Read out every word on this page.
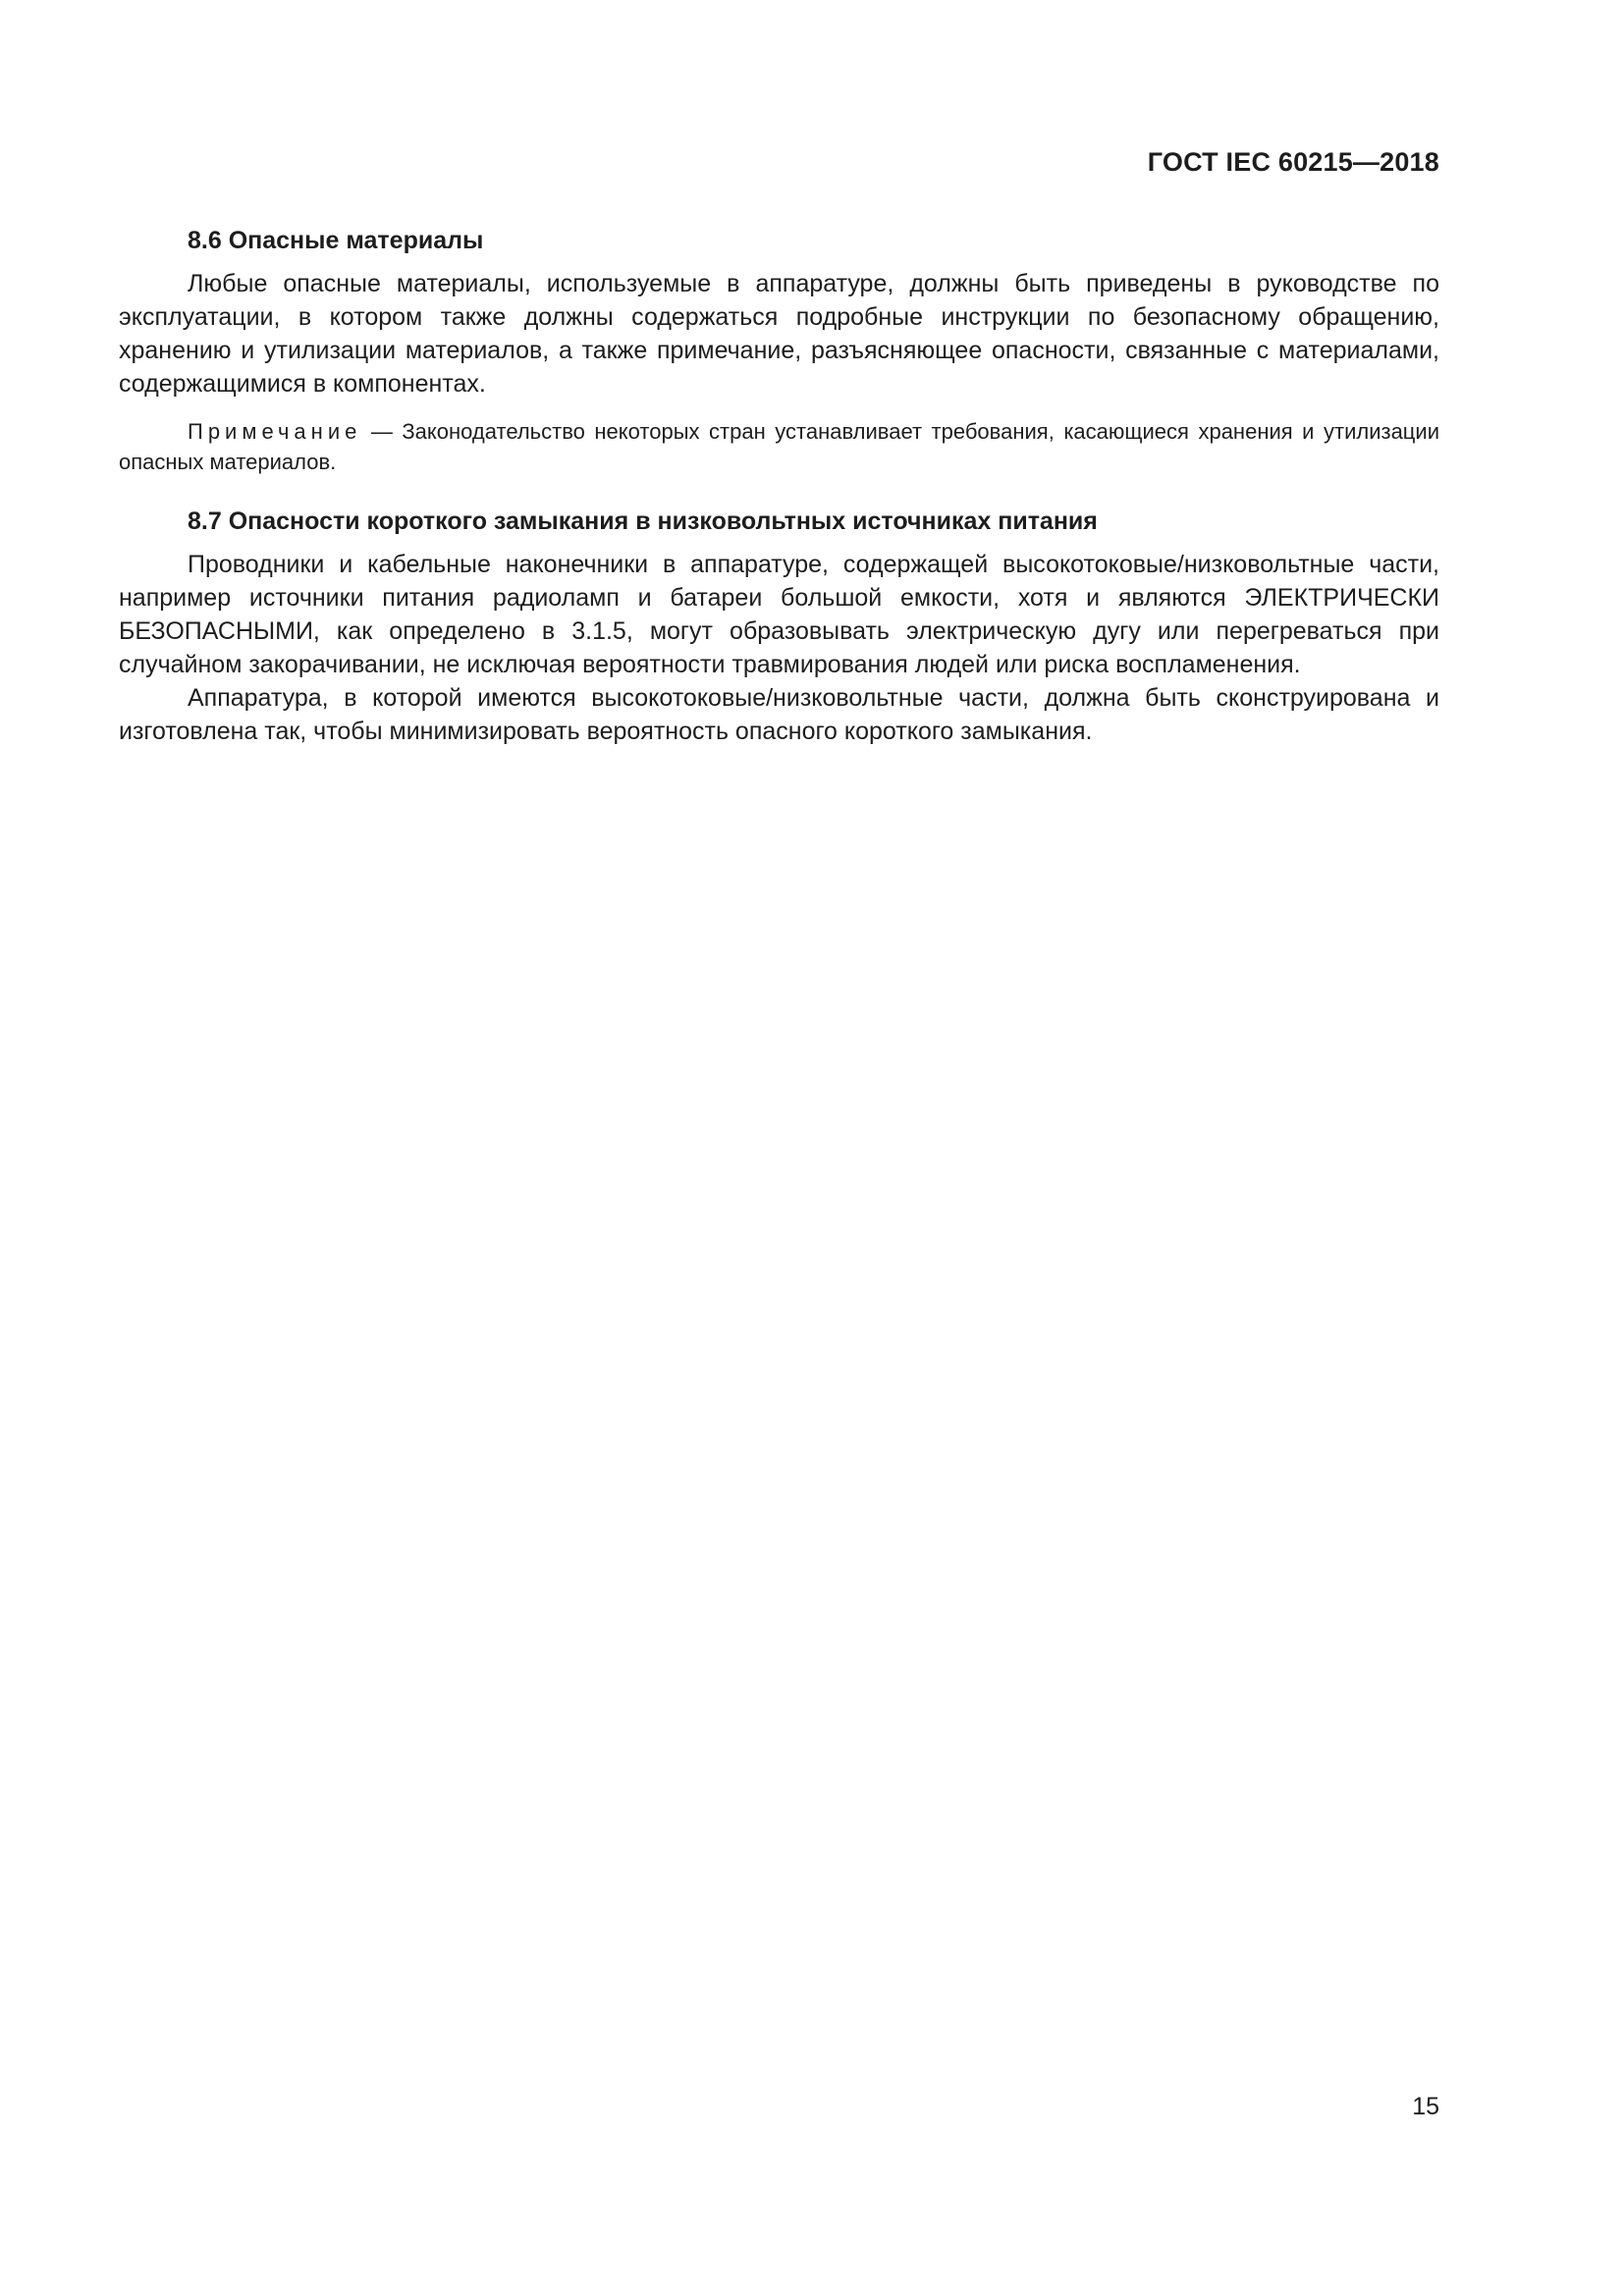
ГОСТ IEC 60215—2018
8.6 Опасные материалы

Любые опасные материалы, используемые в аппаратуре, должны быть приведены в руководстве по эксплуатации, в котором также должны содержаться подробные инструкции по безопасному обращению, хранению и утилизации материалов, а также примечание, разъясняющее опасности, связанные с материалами, содержащимися в компонентах.

Примечание — Законодательство некоторых стран устанавливает требования, касающиеся хранения и утилизации опасных материалов.

8.7 Опасности короткого замыкания в низковольтных источниках питания

Проводники и кабельные наконечники в аппаратуре, содержащей высокотоковые/низковольтные части, например источники питания радиоламп и батареи большой емкости, хотя и являются ЭЛЕКТРИЧЕСКИ БЕЗОПАСНЫМИ, как определено в 3.1.5, могут образовывать электрическую дугу или перегреваться при случайном закорачивании, не исключая вероятности травмирования людей или риска воспламенения.

Аппаратура, в которой имеются высокотоковые/низковольтные части, должна быть сконструирована и изготовлена так, чтобы минимизировать вероятность опасного короткого замыкания.

15
